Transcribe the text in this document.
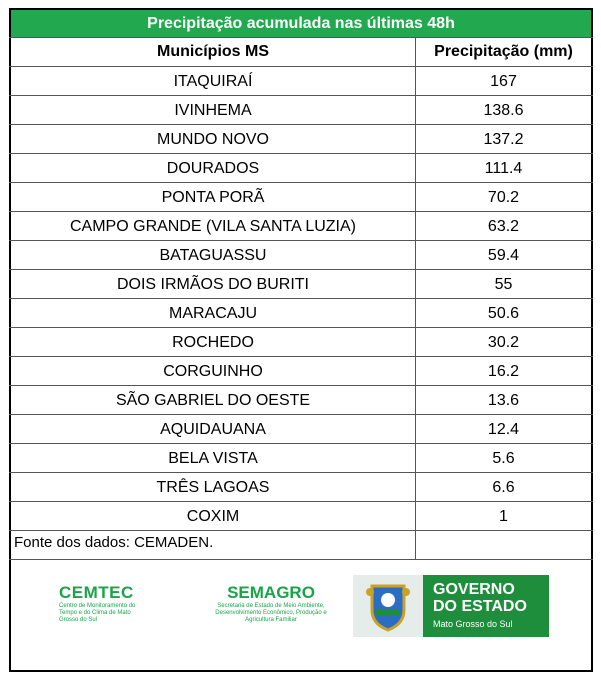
Precipitação acumulada nas últimas 48h
Municípios MS	Precipitação (mm)
ITAQUIRAÍ	167
IVINHEMA	138.6
MUNDO NOVO	137.2
DOURADOS	111.4
PONTA PORÃ	70.2
CAMPO GRANDE (VILA SANTA LUZIA)	63.2
BATAGUASSU	59.4
DOIS IRMÃOS DO BURITI	55
MARACAJU	50.6
ROCHEDO	30.2
CORGUINHO	16.2
SÃO GABRIEL DO OESTE	13.6
AQUIDAUANA	12.4
BELA VISTA	5.6
TRÊS LAGOAS	6.6
COXIM	1
Fonte dos dados: CEMADEN.
CEMTEC
Centro de Monitoramento do Tempo e do Clima de Mato Grosso do Sul
SEMAGRO
Secretaria de Estado de Meio Ambiente, Desenvolvimento Econômico, Produção e Agricultura Familiar
GOVERNO
DO ESTADO
Mato Grosso do Sul
